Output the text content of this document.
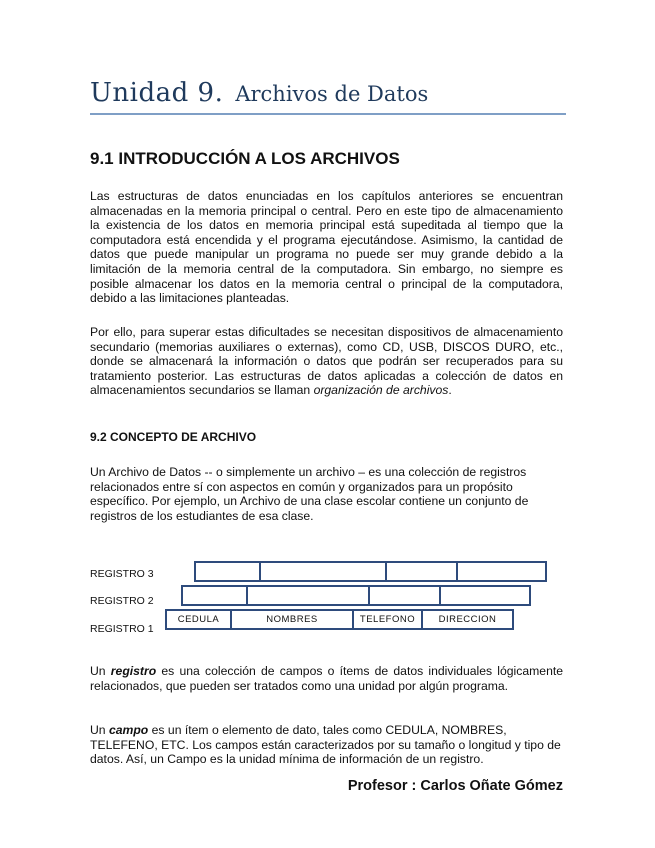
Unidad 9. Archivos de Datos
9.1 INTRODUCCIÓN A LOS ARCHIVOS

Las estructuras de datos enunciadas en los capítulos anteriores se encuentran almacenadas en la memoria principal o central. Pero en este tipo de almacenamiento la existencia de los datos en memoria principal está supeditada al tiempo que la computadora está encendida y el programa ejecutándose. Asimismo, la cantidad de datos que puede manipular un programa no puede ser muy grande debido a la limitación de la memoria central de la computadora. Sin embargo, no siempre es posible almacenar los datos en la memoria central o principal de la computadora, debido a las limitaciones planteadas.

Por ello, para superar estas dificultades se necesitan dispositivos de almacenamiento secundario (memorias auxiliares o externas), como CD, USB, DISCOS DURO, etc., donde se almacenará la información o datos que podrán ser recuperados para su tratamiento posterior. Las estructuras de datos aplicadas a colección de datos en almacenamientos secundarios se llaman organización de archivos.

9.2 CONCEPTO DE ARCHIVO

Un Archivo de Datos -- o simplemente un archivo – es una colección de registros relacionados entre sí con aspectos en común y organizados para un propósito específico. Por ejemplo, un Archivo de una clase escolar contiene un conjunto de registros de los estudiantes de esa clase.

REGISTRO 3
REGISTRO 2
REGISTRO 1
CEDULA	NOMBRES	TELEFONO	DIRECCION

Un registro es una colección de campos o ítems de datos individuales lógicamente relacionados, que pueden ser tratados como una unidad por algún programa.

Un campo es un ítem o elemento de dato, tales como CEDULA, NOMBRES, TELEFENO, ETC. Los campos están caracterizados por su tamaño o longitud y tipo de datos. Así, un Campo es la unidad mínima de información de un registro.

Profesor : Carlos Oñate Gómez
